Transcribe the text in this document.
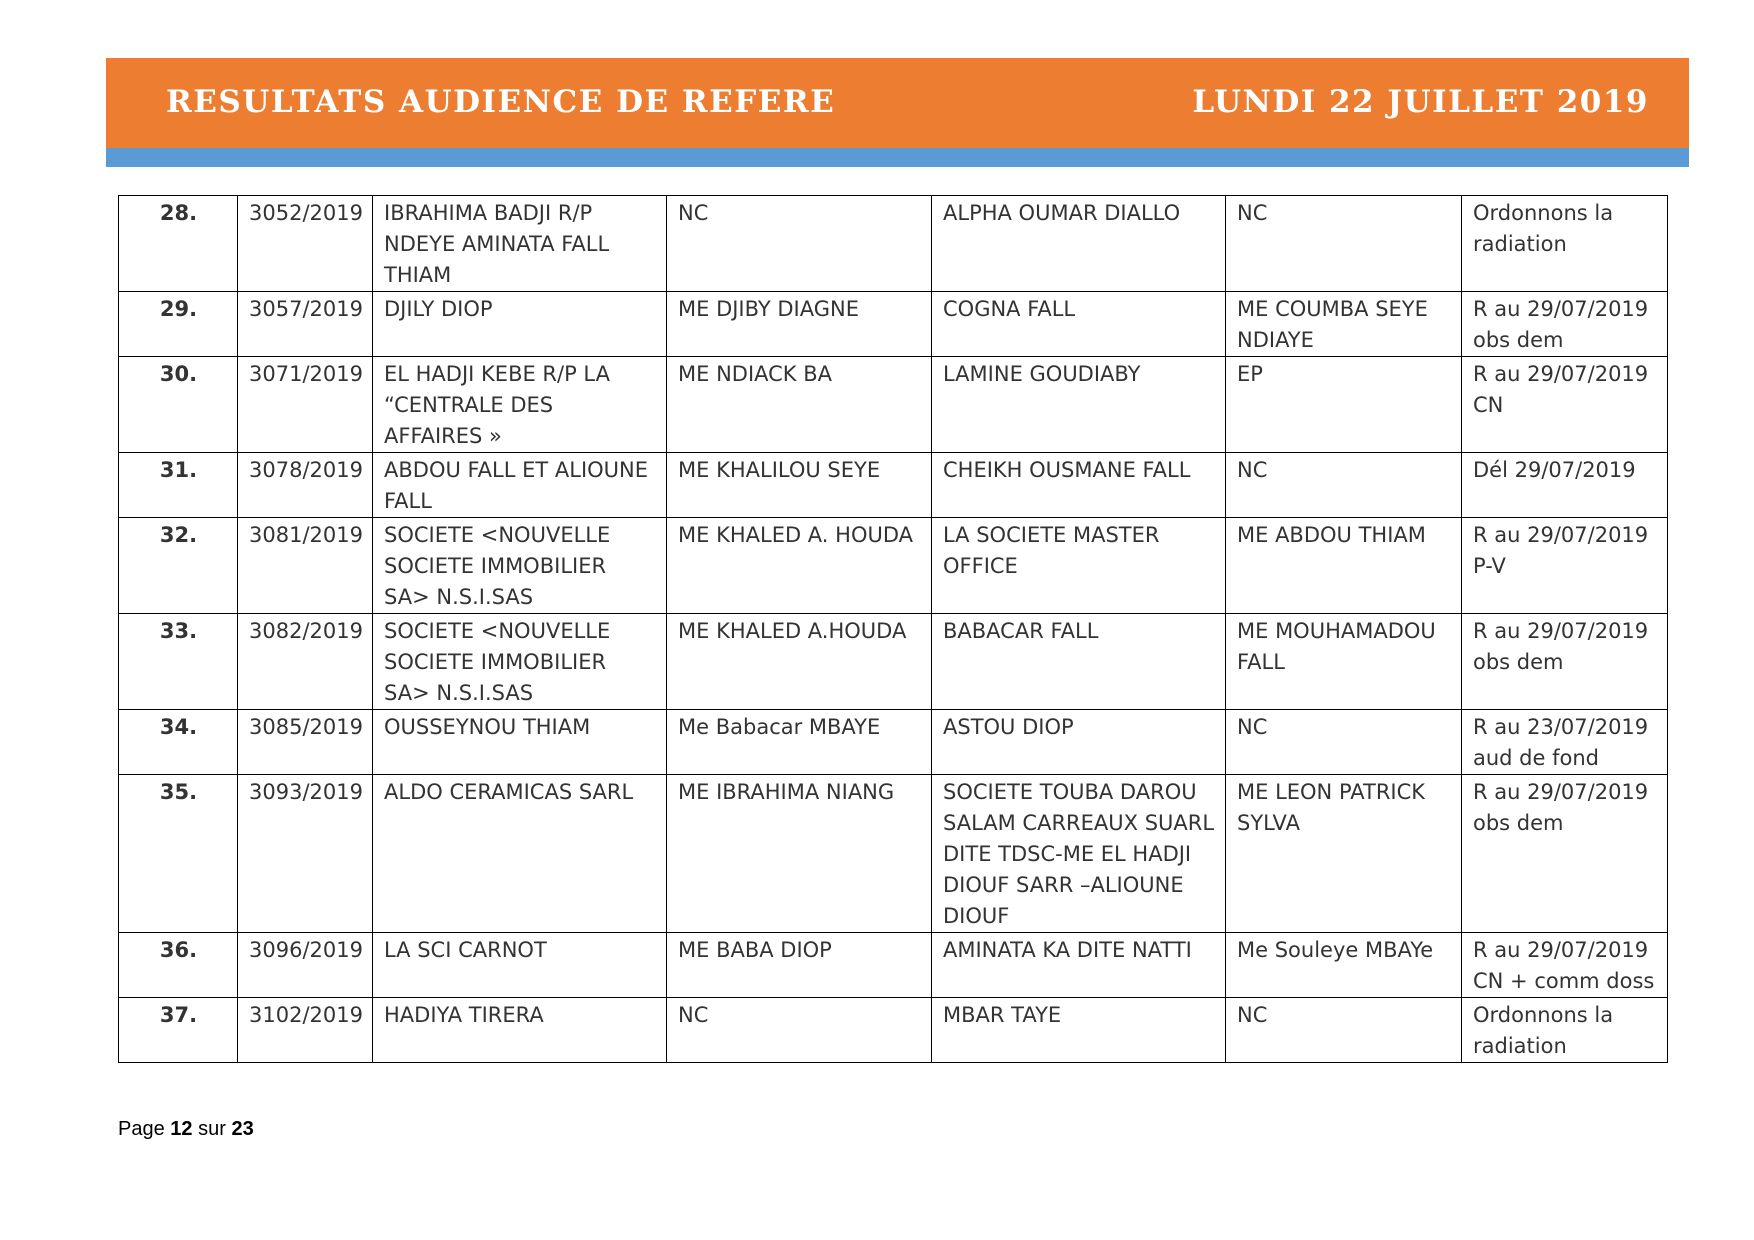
RESULTATS AUDIENCE DE REFERE	LUNDI 22 JUILLET 2019
28.	3052/2019	IBRAHIMA BADJI R/P NDEYE AMINATA FALL THIAM	NC	ALPHA OUMAR DIALLO	NC	Ordonnons la radiation
29.	3057/2019	DJILY DIOP	ME DJIBY DIAGNE	COGNA FALL	ME COUMBA SEYE NDIAYE	R au 29/07/2019 obs dem
30.	3071/2019	EL HADJI KEBE R/P LA “CENTRALE DES AFFAIRES »	ME NDIACK BA	LAMINE GOUDIABY	EP	R au 29/07/2019 CN
31.	3078/2019	ABDOU FALL ET ALIOUNE FALL	ME KHALILOU SEYE	CHEIKH OUSMANE FALL	NC	Dél 29/07/2019
32.	3081/2019	SOCIETE <NOUVELLE SOCIETE IMMOBILIER SA> N.S.I.SAS	ME KHALED A. HOUDA	LA SOCIETE MASTER OFFICE	ME ABDOU THIAM	R au 29/07/2019 P-V
33.	3082/2019	SOCIETE <NOUVELLE SOCIETE IMMOBILIER SA> N.S.I.SAS	ME KHALED A.HOUDA	BABACAR FALL	ME MOUHAMADOU FALL	R au 29/07/2019 obs dem
34.	3085/2019	OUSSEYNOU THIAM	Me Babacar MBAYE	ASTOU DIOP	NC	R au 23/07/2019 aud de fond
35.	3093/2019	ALDO CERAMICAS SARL	ME IBRAHIMA NIANG	SOCIETE TOUBA DAROU SALAM CARREAUX SUARL DITE TDSC-ME EL HADJI DIOUF SARR –ALIOUNE DIOUF	ME LEON PATRICK SYLVA	R au 29/07/2019 obs dem
36.	3096/2019	LA SCI CARNOT	ME BABA DIOP	AMINATA KA DITE NATTI	Me Souleye MBAYe	R au 29/07/2019 CN + comm doss
37.	3102/2019	HADIYA TIRERA	NC	MBAR TAYE	NC	Ordonnons la radiation
Page 12 sur 23
